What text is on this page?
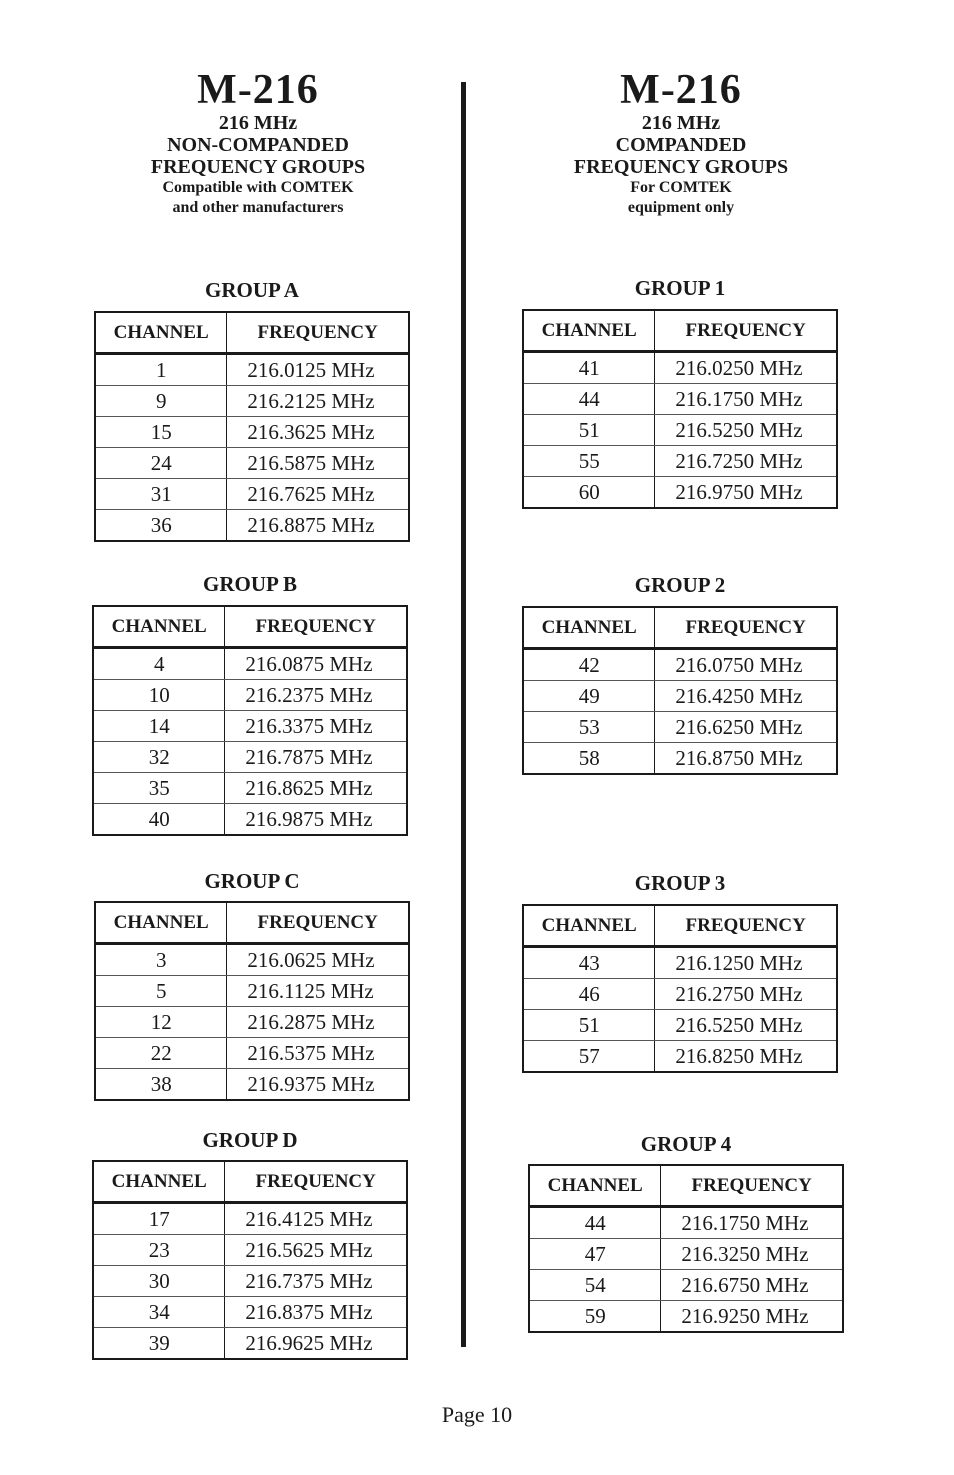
M-216
216 MHz
NON-COMPANDED
FREQUENCY GROUPS
Compatible with COMTEK
and other manufacturers
GROUP A
CHANNEL	FREQUENCY
1	216.0125 MHz
9	216.2125 MHz
15	216.3625 MHz
24	216.5875 MHz
31	216.7625 MHz
36	216.8875 MHz
GROUP B
CHANNEL	FREQUENCY
4	216.0875 MHz
10	216.2375 MHz
14	216.3375 MHz
32	216.7875 MHz
35	216.8625 MHz
40	216.9875 MHz
GROUP C
CHANNEL	FREQUENCY
3	216.0625 MHz
5	216.1125 MHz
12	216.2875 MHz
22	216.5375 MHz
38	216.9375 MHz
GROUP D
CHANNEL	FREQUENCY
17	216.4125 MHz
23	216.5625 MHz
30	216.7375 MHz
34	216.8375 MHz
39	216.9625 MHz
M-216
216 MHz
COMPANDED
FREQUENCY GROUPS
For COMTEK
equipment only
GROUP 1
CHANNEL	FREQUENCY
41	216.0250 MHz
44	216.1750 MHz
51	216.5250 MHz
55	216.7250 MHz
60	216.9750 MHz
GROUP 2
CHANNEL	FREQUENCY
42	216.0750 MHz
49	216.4250 MHz
53	216.6250 MHz
58	216.8750 MHz
GROUP 3
CHANNEL	FREQUENCY
43	216.1250 MHz
46	216.2750 MHz
51	216.5250 MHz
57	216.8250 MHz
GROUP 4
CHANNEL	FREQUENCY
44	216.1750 MHz
47	216.3250 MHz
54	216.6750 MHz
59	216.9250 MHz
Page 10
